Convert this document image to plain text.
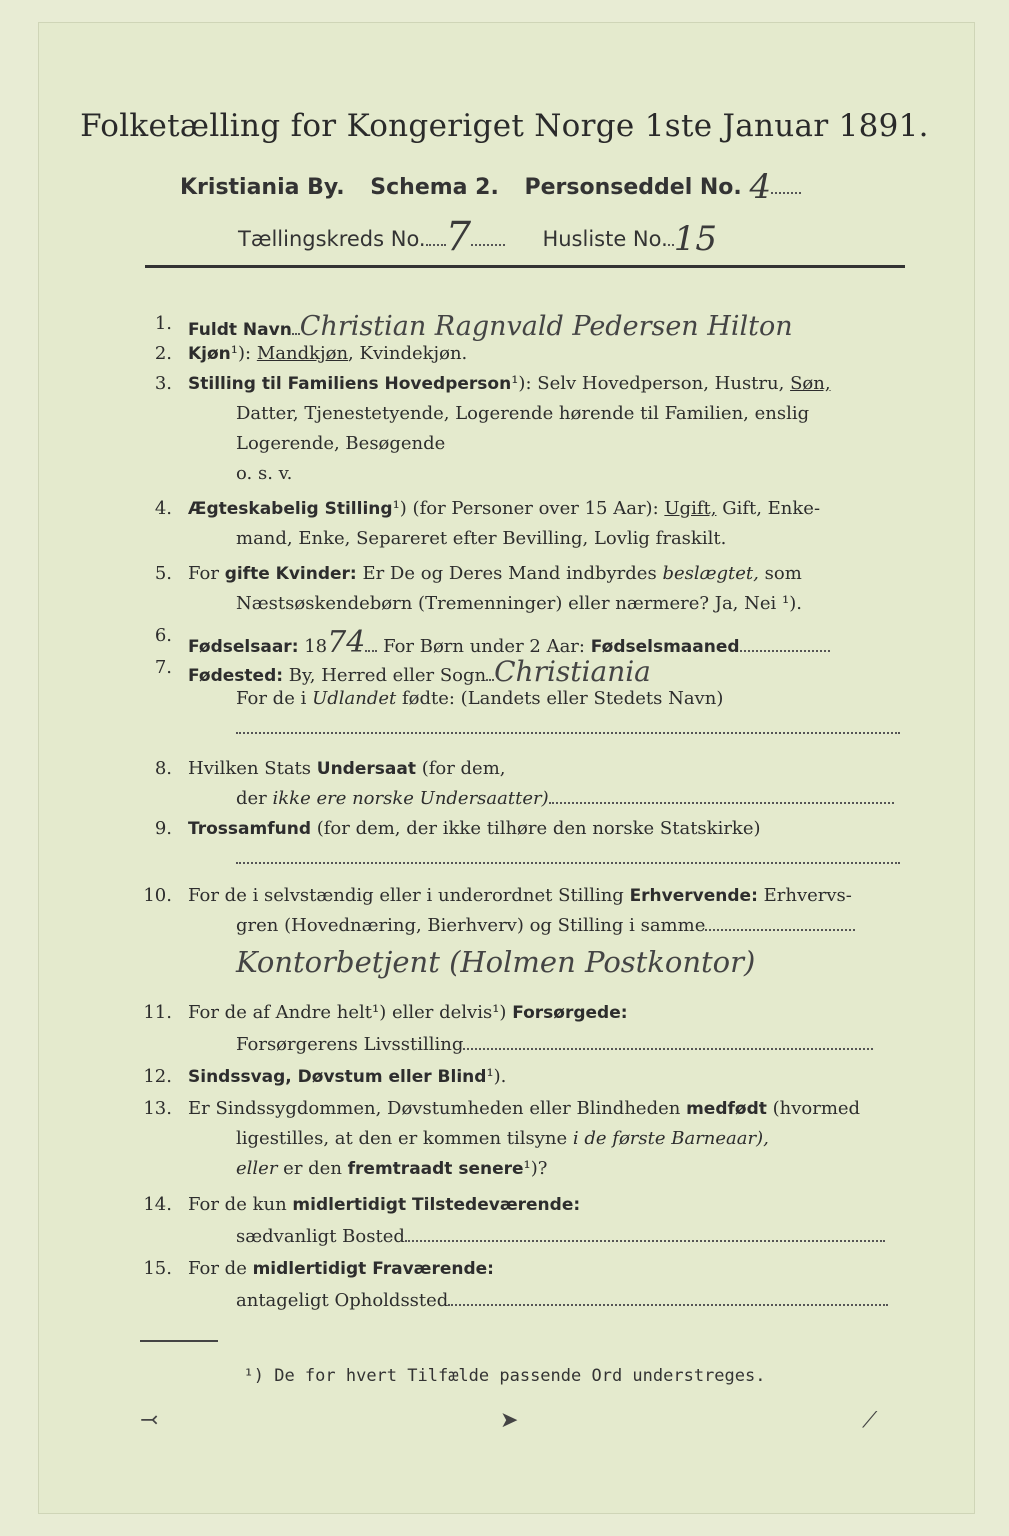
Folketælling for Kongeriget Norge 1ste Januar 1891.
Kristiania By. Schema 2. Personseddel No. 4
Tællingskreds No. 7	Husliste No. 15
1. Fuldt Navn Christian Ragnvald Pedersen Hilton
2. Kjøn¹): Mandkjøn, Kvindekjøn.
3. Stilling til Familiens Hovedperson¹): Selv Hovedperson, Hustru, Søn,
Datter, Tjenestetyende, Logerende hørende til Familien, enslig
Logerende, Besøgende
o. s. v.
4. Ægteskabelig Stilling¹) (for Personer over 15 Aar): Ugift, Gift, Enke-
mand, Enke, Separeret efter Bevilling, Lovlig fraskilt.
5. For gifte Kvinder: Er De og Deres Mand indbyrdes beslægtet, som
Næstsøskendebørn (Tremenninger) eller nærmere? Ja, Nei ¹).
6.
Fødselsaar: 1874 For Børn under 2 Aar: Fødselsmaaned
7. Fødested: By, Herred eller Sogn Christiania
For de i Udlandet fødte: (Landets eller Stedets Navn)
8. Hvilken Stats Undersaat (for dem,
der ikke ere norske Undersaatter)
9. Trossamfund (for dem, der ikke tilhøre den norske Statskirke)
10. For de i selvstændig eller i underordnet Stilling Erhvervende: Erhvervs-
gren (Hovednæring, Bierhverv) og Stilling i samme
Kontorbetjent (Holmen Postkontor)
11. For de af Andre helt¹) eller delvis¹) Forsørgede:
Forsørgerens Livsstilling
12. Sindssvag, Døvstum eller Blind¹).
13. Er Sindssygdommen, Døvstumheden eller Blindheden medfødt (hvormed
ligestilles, at den er kommen tilsyne i de første Barneaar),
eller er den fremtraadt senere¹)?
14. For de kun midlertidigt Tilstedeværende:
sædvanligt Bosted
15. For de midlertidigt Fraværende:
antageligt Opholdssted
¹) De for hvert Tilfælde passende Ord understreges.
⤙	➤	⟋
